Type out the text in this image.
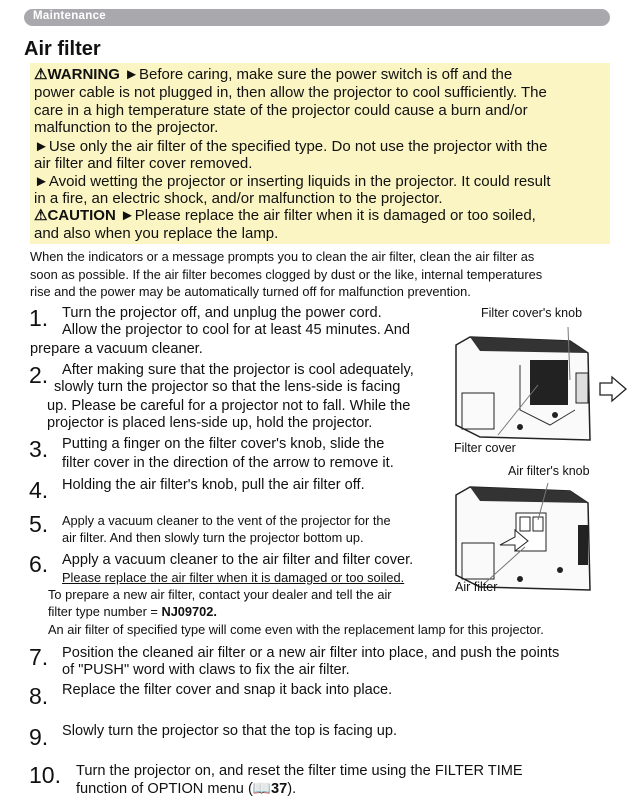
Maintenance
Air filter
⚠WARNING ►Before caring, make sure the power switch is off and the
power cable is not plugged in, then allow the projector to cool sufficiently. The
care in a high temperature state of the projector could cause a burn and/or
malfunction to the projector.
►Use only the air filter of the specified type. Do not use the projector with the
air filter and filter cover removed.
►Avoid wetting the projector or inserting liquids in the projector. It could result
in a fire, an electric shock, and/or malfunction to the projector.
⚠CAUTION ►Please replace the air filter when it is damaged or too soiled,
and also when you replace the lamp.
When the indicators or a message prompts you to clean the air filter, clean the air filter as
soon as possible. If the air filter becomes clogged by dust or the like, internal temperatures
rise and the power may be automatically turned off for malfunction prevention.
Turn the projector off, and unplug the power cord.
Allow the projector to cool for at least 45 minutes. And
prepare a vacuum cleaner.
After making sure that the projector is cool adequately,
slowly turn the projector so that the lens-side is facing
up. Please be careful for a projector not to fall. While the
projector is placed lens-side up, hold the projector.
Putting a finger on the filter cover's knob, slide the
filter cover in the direction of the arrow to remove it.
Holding the air filter's knob, pull the air filter off.
Apply a vacuum cleaner to the vent of the projector for the
air filter. And then slowly turn the projector bottom up.
Apply a vacuum cleaner to the air filter and filter cover.
Please replace the air filter when it is damaged or too soiled.
To prepare a new air filter, contact your dealer and tell the air
filter type number = NJ09702.
An air filter of specified type will come even with the replacement lamp for this projector.
Position the cleaned air filter or a new air filter into place, and push the points
of "PUSH" word with claws to fix the air filter.
Replace the filter cover and snap it back into place.
Slowly turn the projector so that the top is facing up.
Turn the projector on, and reset the filter time using the FILTER TIME
function of OPTION menu (📖37).
1.
2.
3.
4.
5.
6.
7.
8.
9.
10.
Filter cover's knob
Filter cover
Air filter's knob
Air filter
